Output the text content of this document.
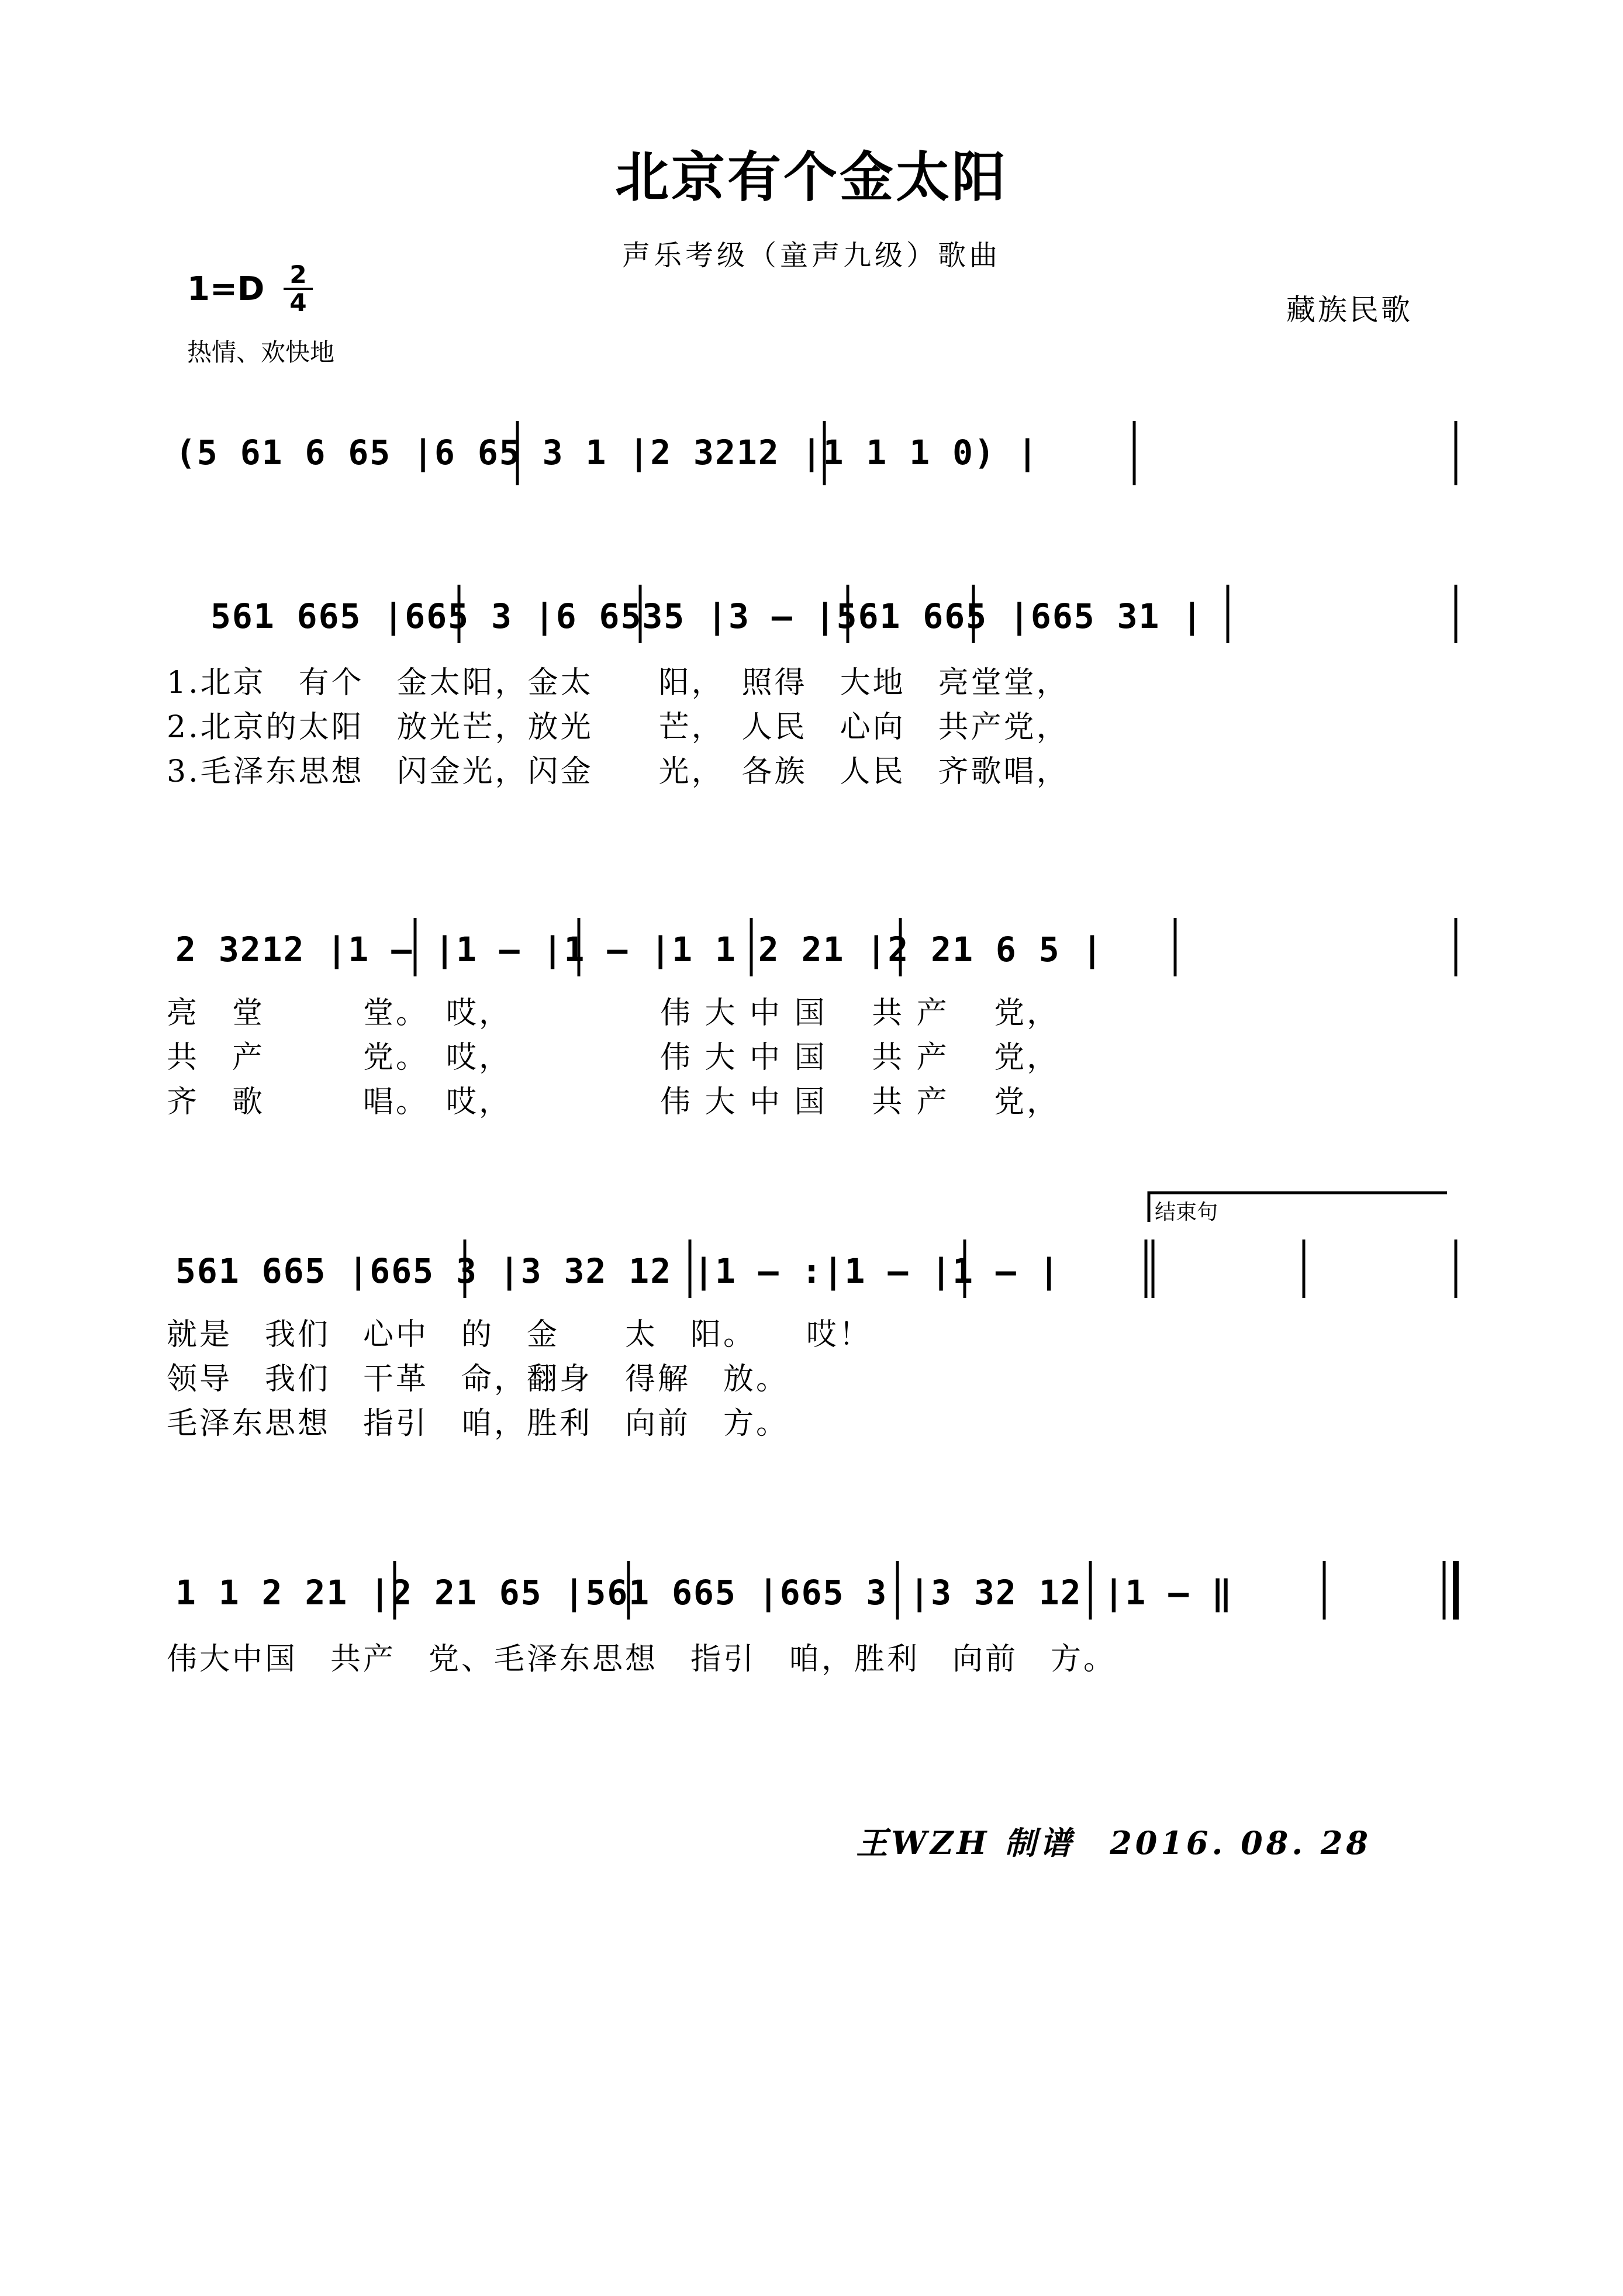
北京有个金太阳
声乐考级（童声九级）歌曲
1=D 2
4	藏族民歌
热情、欢快地
结束句
(5 61 6 65 |6 65 3 1 |2 3212 |1 1 1 0) |
561 665 |665 3 |6 6535 |3 – |561 665 |665 31 |
1.北京　有个　金太阳，金太　　阳，　照得　大地　亮堂堂，
2.北京的太阳　放光芒，放光　　芒，　人民　心向　共产党，
3.毛泽东思想　闪金光，闪金　　光，　各族　人民　齐歌唱，
2 3212 |1 – |1 – |1 – |1 1 2 21 |2 21 6 5 |
亮　堂　　　堂。　哎，　　　　　伟 大 中 国　 共 产　 党，
共　产　　　党。　哎，　　　　　伟 大 中 国　 共 产　 党，
齐　歌　　　唱。　哎，　　　　　伟 大 中 国　 共 产　 党，
561 665 |665 3 |3 32 12 |1 – :|1 – |1 – |
就是　我们　心中　的　金　　太　阳。　　哎！
领导　我们　干革　命，翻身　得解　放。
毛泽东思想　指引　咱，胜利　向前　方。
1 1 2 21 |2 21 65 |561 665 |665 3 |3 32 12 |1 – ‖
伟大中国　共产　党、毛泽东思想　指引　咱，胜利　向前　方。
王WZH 制谱　2016. 08. 28
